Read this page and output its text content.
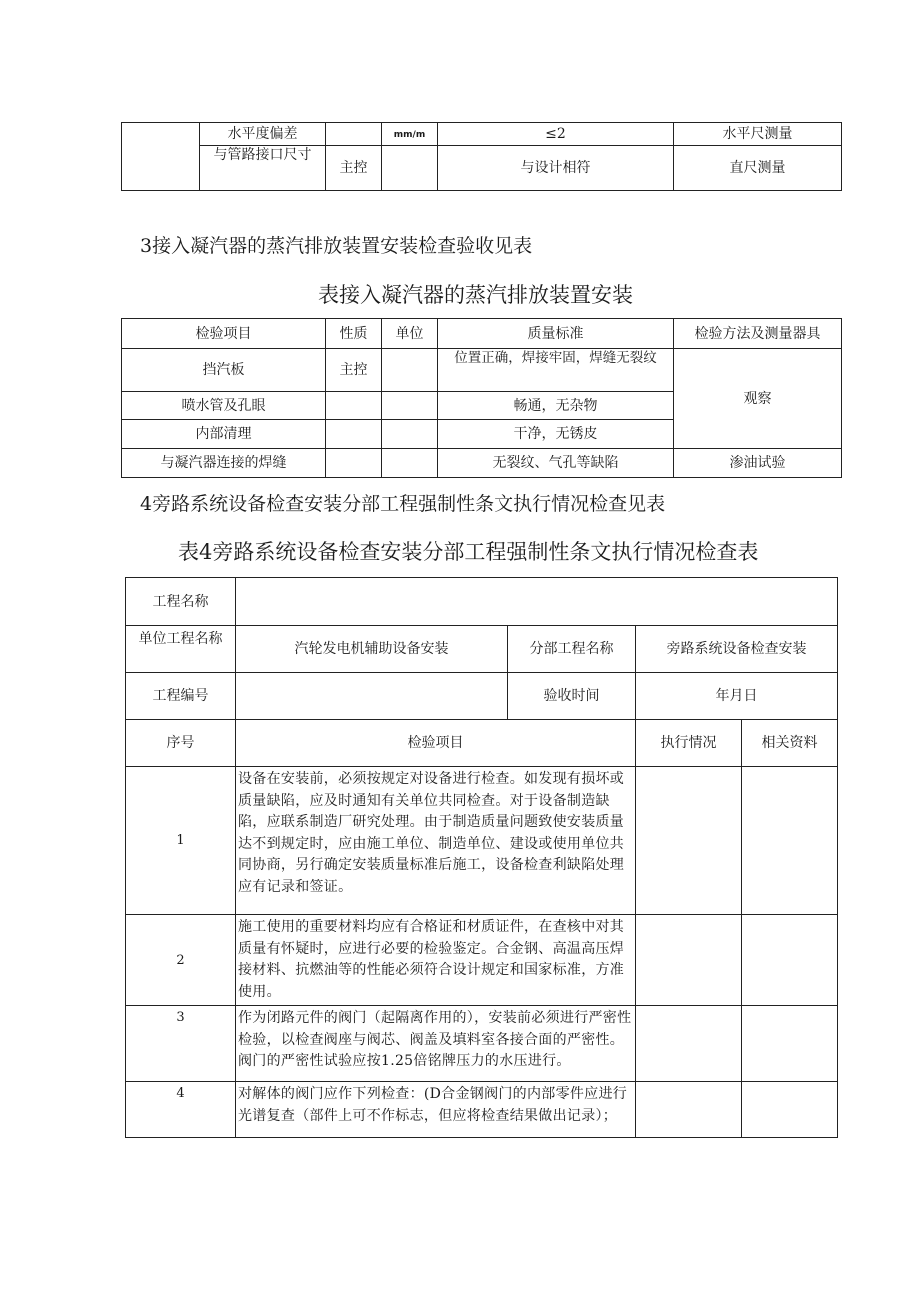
	水平度偏差		mm/m	≤2	水平尺测量
	与管路接口尺寸	主控		与设计相符	直尺测量
3接入凝汽器的蒸汽排放装置安装检查验收见表
表接入凝汽器的蒸汽排放装置安装
检验项目	性质	单位	质量标准	检验方法及测量器具
挡汽板	主控		位置正确，焊接牢固，焊缝无裂纹	观察
喷水管及孔眼			畅通，无杂物	
内部清理			干净，无锈皮	
与凝汽器连接的焊缝			无裂纹、气孔等缺陷	渗油试验
4旁路系统设备检查安装分部工程强制性条文执行情况检查见表
表4旁路系统设备检查安装分部工程强制性条文执行情况检查表
工程名称				
单位工程名称	汽轮发电机辅助设备安装	分部工程名称	旁路系统设备检查安装	
工程编号		验收时间	年月日	
序号	检验项目		执行情况	相关资料
1	设备在安装前，必须按规定对设备进行检查。如发现有损坏或质量缺陷，应及时通知有关单位共同检查。对于设备制造缺陷，应联系制造厂研究处理。由于制造质量问题致使安装质量达不到规定时，应由施工单位、制造单位、建设或使用单位共同协商，另行确定安装质量标准后施工，设备检查利缺陷处理应有记录和签证。			
2	施工使用的重要材料均应有合格证和材质证件，在查核中对其质量有怀疑时，应进行必要的检验鉴定。合金钢、高温高压焊接材料、抗燃油等的性能必须符合设计规定和国家标准，方准使用。			
3	作为闭路元件的阀门（起隔离作用的），安装前必须进行严密性检验，以检查阀座与阀芯、阀盖及填料室各接合面的严密性。阀门的严密性试验应按1.25倍铭牌压力的水压进行。			
4	对解体的阀门应作下列检查：(D合金钢阀门的内部零件应进行光谱复查（部件上可不作标志，但应将检查结果做出记录）；			
